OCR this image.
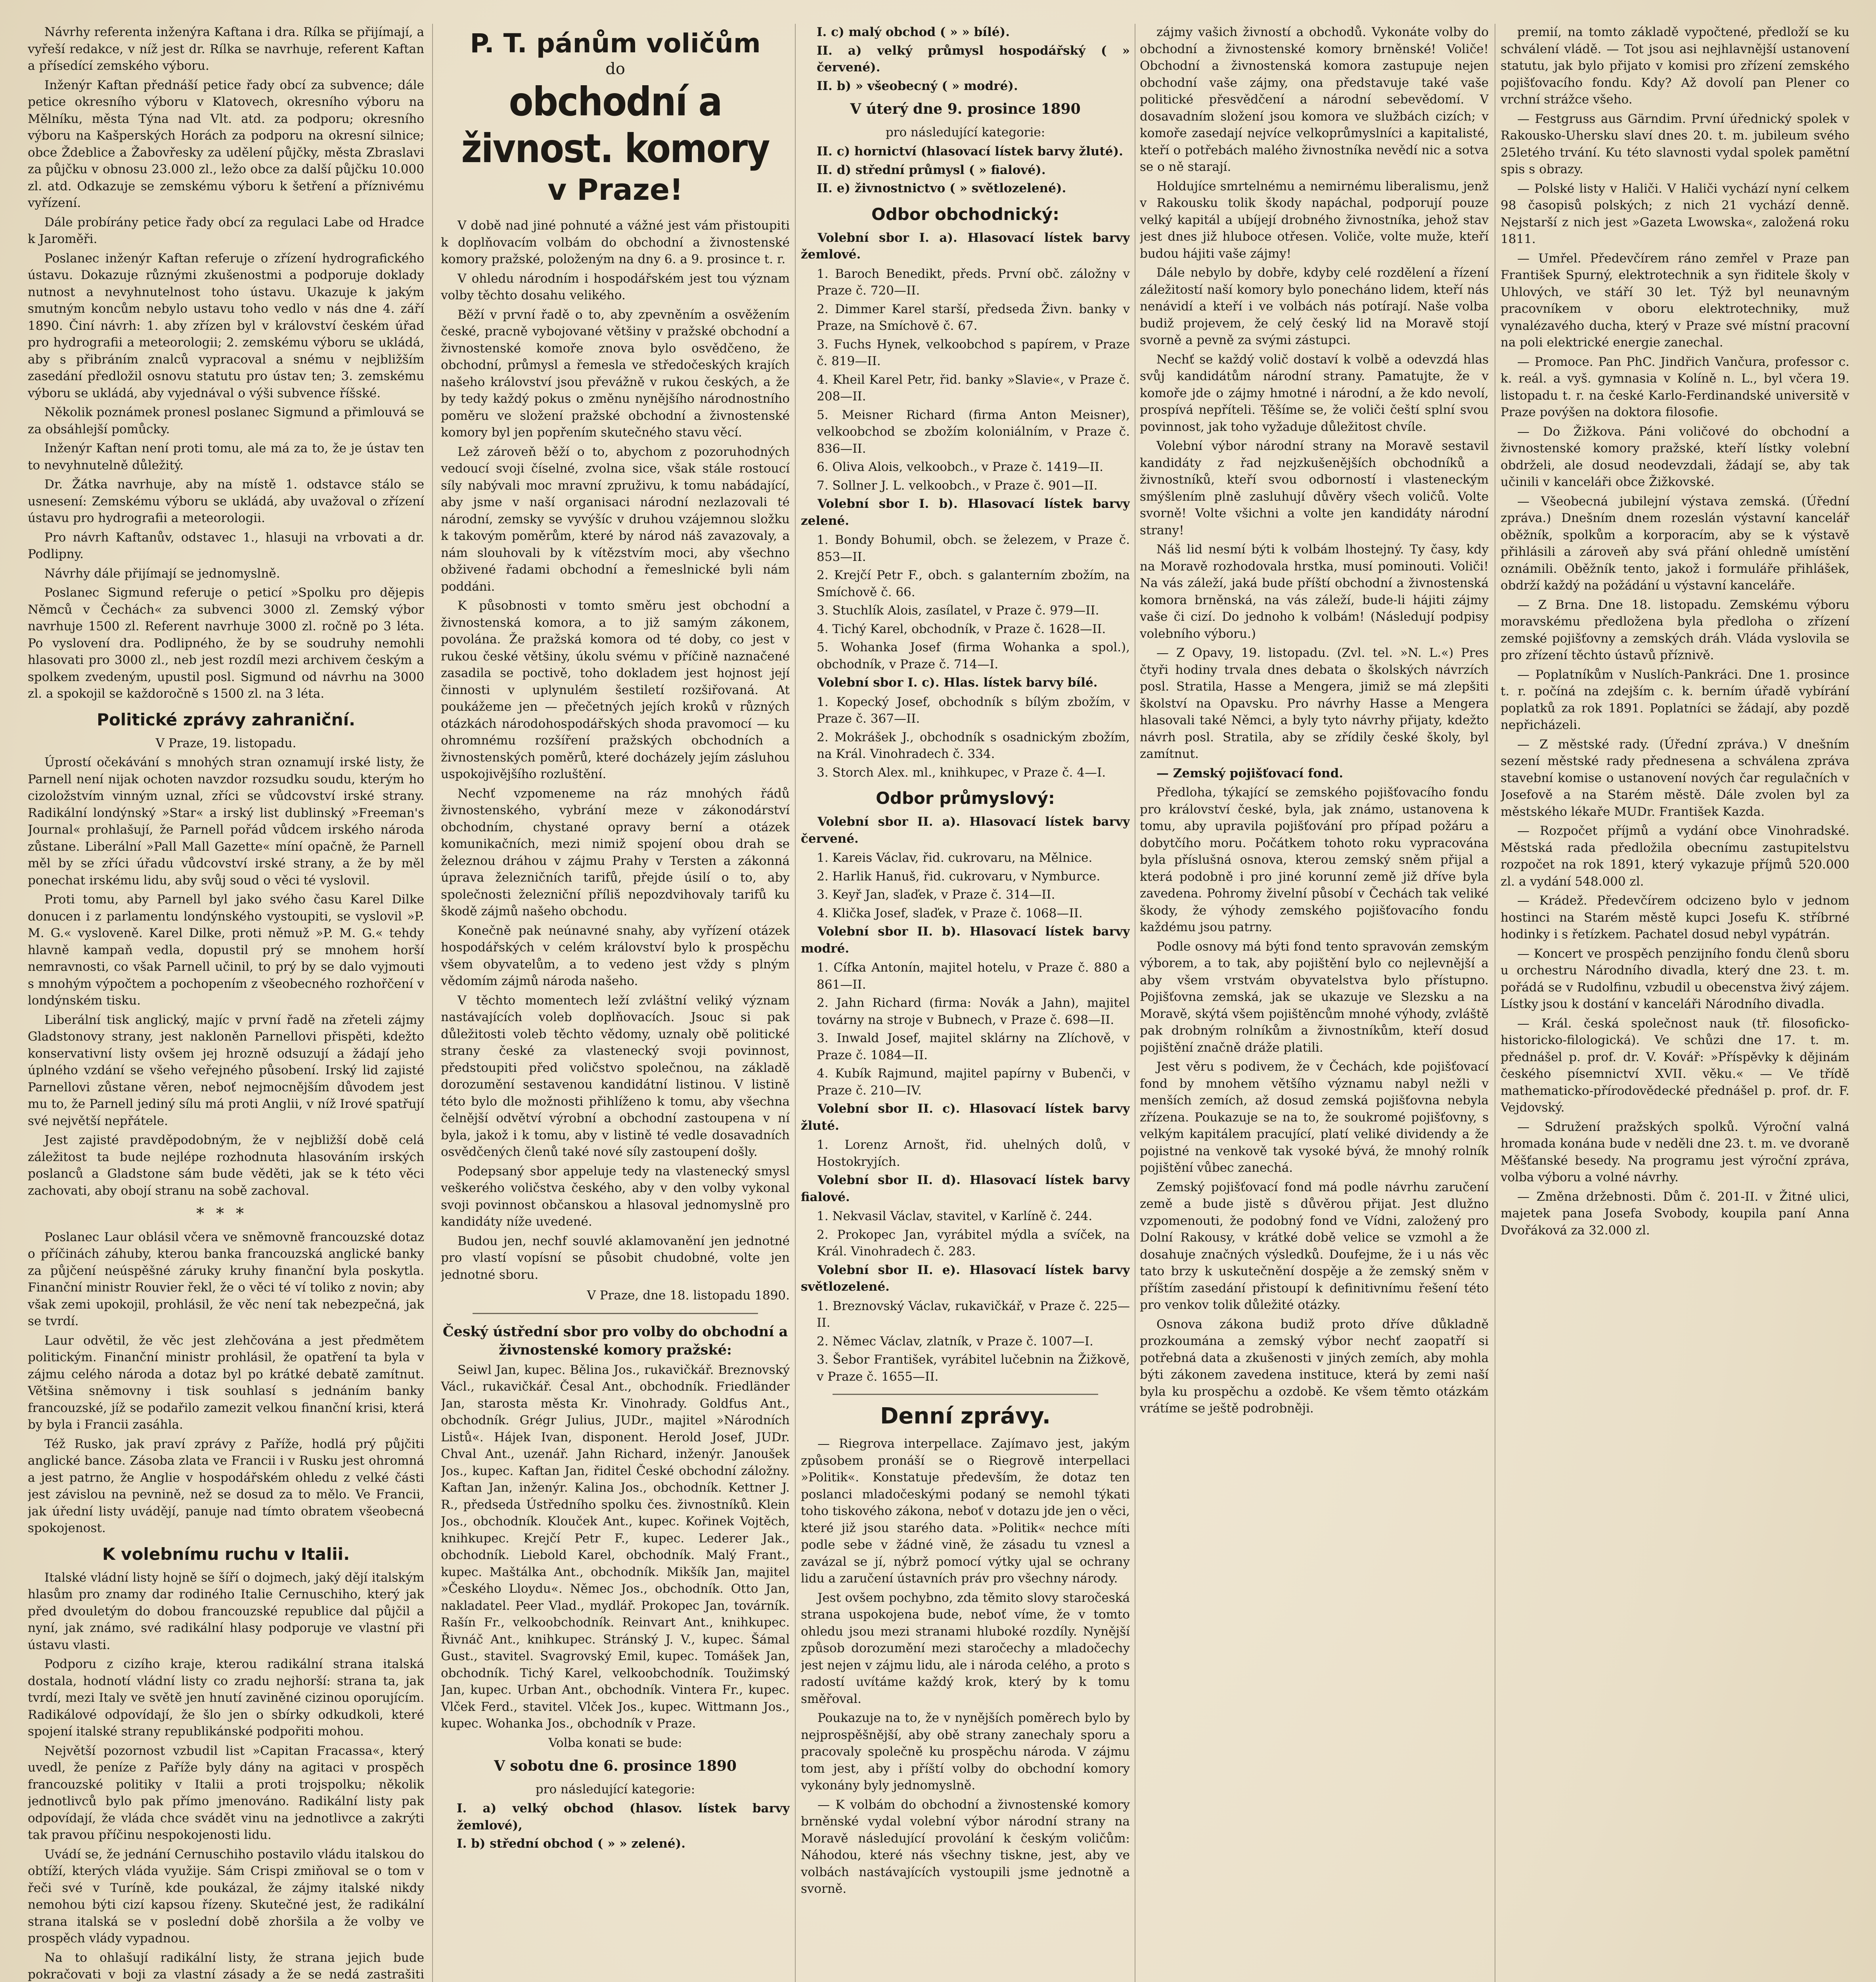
Návrhy referenta inženýra Kaftana i dra. Rílka se přijímají, a vyřeší redakce, v níž jest dr. Rílka se navrhuje, referent Kaftan a přísedící zemského výboru.

Inženýr Kaftan přednáší petice řady obcí za subvence; dále petice okresního výboru v Klatovech, okresního výboru na Mělníku, města Týna nad Vlt. atd. za podporu; okresního výboru na Kašperských Horách za podporu na okresní silnice; obce Ždeblice a Žabovřesky za udělení půjčky, města Zbraslavi za půjčku v obnosu 23.000 zl., ležo obce za další půjčku 10.000 zl. atd. Odkazuje se zemskému výboru k šetření a příznivému vyřízení.

Dále probírány petice řady obcí za regulaci Labe od Hradce k Jaroměři.

Poslanec inženýr Kaftan referuje o zřízení hydrografického ústavu. Dokazuje různými zkušenostmi a podporuje doklady nutnost a nevyhnutelnost toho ústavu. Ukazuje k jakým smutným koncům nebylo ustavu toho vedlo v nás dne 4. září 1890. Činí návrh: 1. aby zřízen byl v království českém úřad pro hydrografii a meteorologii; 2. zemskému výboru se ukládá, aby s přibráním znalců vypracoval a snému v nejbližším zasedání předložil osnovu statutu pro ústav ten; 3. zemskému výboru se ukládá, aby vyjednával o výši subvence říšské.

Několik poznámek pronesl poslanec Sigmund a přimlouvá se za obsáhlejší pomůcky.

Inženýr Kaftan není proti tomu, ale má za to, že je ústav ten to nevyhnutelně důležitý.

Dr. Žátka navrhuje, aby na místě 1. odstavce stálo se usnesení: Zemskému výboru se ukládá, aby uvažoval o zřízení ústavu pro hydrografii a meteorologii.

Pro návrh Kaftanův, odstavec 1., hlasuji na vrbovati a dr. Podlipny.

Návrhy dále přijímají se jednomyslně.

Poslanec Sigmund referuje o peticí »Spolku pro dějepis Němců v Čechách« za subvenci 3000 zl. Zemský výbor navrhuje 1500 zl. Referent navrhuje 3000 zl. ročně po 3 léta. Po vyslovení dra. Podlipného, že by se soudruhy nemohli hlasovati pro 3000 zl., neb jest rozdíl mezi archivem českým a spolkem zvedeným, upustil posl. Sigmund od návrhu na 3000 zl. a spokojil se každoročně s 1500 zl. na 3 léta.

Politické zprávy zahraniční.

V Praze, 19. listopadu.

Úprostí očekávání s mnohých stran oznamují irské listy, že Parnell není nijak ochoten navzdor rozsudku soudu, kterým ho cizoložstvím vinným uznal, zříci se vůdcovství irské strany. Radikální londýnský »Star« a irský list dublinský »Freeman's Journal« prohlašují, že Parnell pořád vůdcem irského národa zůstane. Liberální »Pall Mall Gazette« míní opačně, že Parnell měl by se zříci úřadu vůdcovství irské strany, a že by měl ponechat irskému lidu, aby svůj soud o věci té vyslovil.

Proti tomu, aby Parnell byl jako svého času Karel Dilke donucen i z parlamentu londýnského vystoupiti, se vyslovil »P. M. G.« vysloveně. Karel Dilke, proti němuž »P. M. G.« tehdy hlavně kampaň vedla, dopustil prý se mnohem horší nemravnosti, co však Parnell učinil, to prý by se dalo vyjmouti s mnohým výpočtem a pochopením z všeobecného rozhořčení v londýnském tisku.

Liberální tisk anglický, majíc v první řadě na zřeteli zájmy Gladstonovy strany, jest nakloněn Parnellovi přispěti, kdežto konservativní listy ovšem jej hrozně odsuzují a žádají jeho úplného vzdání se všeho veřejného působení. Irský lid zajisté Parnellovi zůstane věren, neboť nejmocnějším důvodem jest mu to, že Parnell jediný sílu má proti Anglii, v níž Irové spatřují své největší nepřátele.

Jest zajisté pravděpodobným, že v nejbližší době celá záležitost ta bude nejlépe rozhodnuta hlasováním irských poslanců a Gladstone sám bude věděti, jak se k této věci zachovati, aby obojí stranu na sobě zachoval.

***

Poslanec Laur oblásil včera ve sněmovně francouzské dotaz o příčinách záhuby, kterou banka francouzská anglické banky za půjčení neúspěšné záruky kruhy finanční byla poskytla. Finanční ministr Rouvier řekl, že o věci té ví toliko z novin; aby však zemi upokojil, prohlásil, že věc není tak nebezpečná, jak se tvrdí.

Laur odvětil, že věc jest zlehčována a jest předmětem politickým. Finanční ministr prohlásil, že opatření ta byla v zájmu celého národa a dotaz byl po krátké debatě zamítnut. Většina sněmovny i tisk souhlasí s jednáním banky francouzské, jíž se podařilo zamezit velkou finanční krisi, která by byla i Francii zasáhla.

Též Rusko, jak praví zprávy z Paříže, hodlá prý půjčiti anglické bance. Zásoba zlata ve Francii i v Rusku jest ohromná a jest patrno, že Anglie v hospodářském ohledu z velké části jest závislou na pevnině, než se dosud za to mělo. Ve Francii, jak úřední listy uvádějí, panuje nad tímto obratem všeobecná spokojenost.

K volebnímu ruchu v Italii.

Italské vládní listy hojně se šíří o dojmech, jaký dějí italským hlasům pro znamy dar rodiného Italie Cernuschiho, který jak před dvouletým do dobou francouzské republice dal půjčil a nyní, jak známo, své radikální hlasy podporuje ve vlastní při ústavu vlasti.

Podporu z cizího kraje, kterou radikální strana italská dostala, hodnotí vládní listy co zradu nejhorší: strana ta, jak tvrdí, mezi Italy ve světě jen hnutí zaviněné cizinou oporujícím. Radikálové odpovídají, že šlo jen o sbírky odkudkoli, které spojení italské strany republikánské podpořiti mohou.

Největší pozornost vzbudil list »Capitan Fracassa«, který uvedl, že peníze z Paříže byly dány na agitaci v prospěch francouzské politiky v Italii a proti trojspolku; několik jednotlivců bylo pak přímo jmenováno. Radikální listy pak odpovídají, že vláda chce svádět vinu na jednotlivce a zakrýti tak pravou příčinu nespokojenosti lidu.

Uvádí se, že jednání Cernuschiho postavilo vládu italskou do obtíží, kterých vláda využije. Sám Crispi zmiňoval se o tom v řeči své v Turíně, kde poukázal, že zájmy italské nikdy nemohou býti cizí kapsou řízeny. Skutečné jest, že radikální strana italská se v poslední době zhoršila a že volby ve prospěch vlády vypadnou.

Na to ohlašují radikální listy, že strana jejich bude pokračovati v boji za vlastní zásady a že se nedá zastrašiti

P. T. pánům voličům
do
obchodní a živnost. komory
v Praze!

V době nad jiné pohnuté a vážné jest vám přistoupiti k doplňovacím volbám do obchodní a živnostenské komory pražské, položeným na dny 6. a 9. prosince t. r.

V ohledu národním i hospodářském jest tou význam volby těchto dosahu velikého.

Běží v první řadě o to, aby zpevněním a osvěžením české, pracně vybojované většiny v pražské obchodní a živnostenské komoře znova bylo osvědčeno, že obchodní, průmysl a řemesla ve středočeských krajích našeho království jsou převážně v rukou českých, a že by tedy každý pokus o změnu nynějšího národnostního poměru ve složení pražské obchodní a živnostenské komory byl jen popřením skutečného stavu věcí.

Lež zároveň běží o to, abychom z pozoruhodných vedoucí svoji číselné, zvolna sice, však stále rostoucí síly nabývali moc mravní zpruživu, k tomu nabádající, aby jsme v naší organisaci národní nezlazovali té národní, zemsky se vyvýšíc v druhou vzájemnou složku k takovým poměrům, které by národ náš zavazovaly, a nám slouhovali by k vítězstvím moci, aby všechno obživené řadami obchodní a řemeslnické byli nám poddáni.

K působnosti v tomto směru jest obchodní a živnostenská komora, a to již samým zákonem, povolána. Že pražská komora od té doby, co jest v rukou české většiny, úkolu svému v příčině naznačené zasadila se poctivě, toho dokladem jest hojnost její činnosti v uplynulém šestiletí rozšiřovaná. At poukážeme jen — přečetných jejích kroků v různých otázkách národohospodářských shoda pravomocí — ku ohromnému rozšíření pražských obchodních a živnostenských poměrů, které docházely jejím zásluhou uspokojivějšího rozluštění.

Nechť vzpomeneme na ráz mnohých řádů živnostenského, vybrání meze v zákonodárství obchodním, chystané opravy berní a otázek komunikačních, mezi nimiž spojení obou drah se železnou dráhou v zájmu Prahy v Tersten a zákonná úprava železničních tarifů, přejde úsilí o to, aby společnosti železniční příliš nepozdvihovaly tarifů ku škodě zájmů našeho obchodu.

Konečně pak neúnavné snahy, aby vyřízení otázek hospodářských v celém království bylo k prospěchu všem obyvatelům, a to vedeno jest vždy s plným vědomím zájmů národa našeho.

V těchto momentech leží zvláštní veliký význam nastávajících voleb doplňovacích. Jsouc si pak důležitosti voleb těchto vědomy, uznaly obě politické strany české za vlastenecký svoji povinnost, předstoupiti před voličstvo společnou, na základě dorozumění sestavenou kandidátní listinou. V listině této bylo dle možnosti přihlíženo k tomu, aby všechna čelnější odvětví výrobní a obchodní zastoupena v ní byla, jakož i k tomu, aby v listině té vedle dosavadních osvědčených členů také nové síly zastoupení došly.

Podepsaný sbor appeluje tedy na vlastenecký smysl veškerého voličstva českého, aby v den volby vykonal svoji povinnost občanskou a hlasoval jednomyslně pro kandidáty níže uvedené.

Budou jen, nechf souvlé aklamovanění jen jednotné pro vlastí vopísní se působit chudobné, volte jen jednotné sboru.

V Praze, dne 18. listopadu 1890.

Český ústřední sbor pro volby do obchodní a živnostenské komory pražské:

Seiwl Jan, kupec. Bělina Jos., rukavičkář. Breznovský Václ., rukavičkář. Česal Ant., obchodník. Friedländer Jan, starosta města Kr. Vinohrady. Goldfus Ant., obchodník. Grégr Julius, JUDr., majitel »Národních Listů«. Hájek Ivan, disponent. Herold Josef, JUDr. Chval Ant., uzenář. Jahn Richard, inženýr. Janoušek Jos., kupec. Kaftan Jan, řiditel České obchodní záložny. Kaftan Jan, inženýr. Kalina Jos., obchodník. Kettner J. R., předseda Ústředního spolku čes. živnostníků. Klein Jos., obchodník. Klouček Ant., kupec. Kořinek Vojtěch, knihkupec. Krejčí Petr F., kupec. Lederer Jak., obchodník. Liebold Karel, obchodník. Malý Frant., kupec. Maštálka Ant., obchodník. Mikšík Jan, majitel »Českého Lloydu«. Němec Jos., obchodník. Otto Jan, nakladatel. Peer Vlad., mydlář. Prokopec Jan, továrník. Rašín Fr., velkoobchodník. Reinvart Ant., knihkupec. Řivnáč Ant., knihkupec. Stránský J. V., kupec. Šámal Gust., stavitel. Svagrovský Emil, kupec. Tomášek Jan, obchodník. Tichý Karel, velkoobchodník. Toužimský Jan, kupec. Urban Ant., obchodník. Vinterа Fr., kupec. Vlček Ferd., stavitel. Vlček Jos., kupec. Wittmann Jos., kupec. Wohanka Jos., obchodník v Praze.

Volba konati se bude:

V sobotu dne 6. prosince 1890

pro následující kategorie:

I. a) velký obchod (hlasov. lístek barvy žemlové),

I. b) střední obchod ( » » zelené).

I. c) malý obchod ( » » bílé).

II. a) velký průmysl hospodářský ( » červené).

II. b) » všeobecný ( » modré).

V úterý dne 9. prosince 1890

pro následující kategorie:

II. c) hornictví (hlasovací lístek barvy žluté).

II. d) střední průmysl ( » fialové).

II. e) živnostnictvo ( » světlozelené).

Odbor obchodnický:

Volební sbor I. a). Hlasovací lístek barvy žemlové.

1. Baroch Benedikt, předs. První obč. záložny v Praze č. 720—II.

2. Dimmer Karel starší, předseda Živn. banky v Praze, na Smíchově č. 67.

3. Fuchs Hynek, velkoobchod s papírem, v Praze č. 819—II.

4. Kheil Karel Petr, řid. banky »Slavie«, v Praze č. 208—II.

5. Meisner Richard (firma Anton Meisner), velkoobchod se zbožím koloniálním, v Praze č. 836—II.

6. Oliva Alois, velkoobch., v Praze č. 1419—II.

7. Sollner J. L. velkoobch., v Praze č. 901—II.

Volební sbor I. b). Hlasovací lístek barvy zelené.

1. Bondy Bohumil, obch. se železem, v Praze č. 853—II.

2. Krejčí Petr F., obch. s galanterním zbožím, na Smíchově č. 66.

3. Stuchlík Alois, zasílatel, v Praze č. 979—II.

4. Tichý Karel, obchodník, v Praze č. 1628—II.

5. Wohanka Josef (firma Wohanka a spol.), obchodník, v Praze č. 714—I.

Volební sbor I. c). Hlas. lístek barvy bílé.

1. Kopecký Josef, obchodník s bílým zbožím, v Praze č. 367—II.

2. Mokrášek J., obchodník s osadnickým zbožím, na Král. Vinohradech č. 334.

3. Storch Alex. ml., knihkupec, v Praze č. 4—I.

Odbor průmyslový:

Volební sbor II. a). Hlasovací lístek barvy červené.

1. Kareis Václav, řid. cukrovaru, na Mělnice.

2. Harlik Hanuš, řid. cukrovaru, v Nymburce.

3. Keyř Jan, slaďek, v Praze č. 314—II.

4. Klička Josef, slaďek, v Praze č. 1068—II.

Volební sbor II. b). Hlasovací lístek barvy modré.

1. Cífka Antonín, majitel hotelu, v Praze č. 880 a 861—II.

2. Jahn Richard (firma: Novák a Jahn), majitel továrny na stroje v Bubnech, v Praze č. 698—II.

3. Inwald Josef, majitel sklárny na Zlíchově, v Praze č. 1084—II.

4. Kubík Rajmund, majitel papírny v Bubenči, v Praze č. 210—IV.

Volební sbor II. c). Hlasovací lístek barvy žluté.

1. Lorenz Arnošt, řid. uhelných dolů, v Hostokryjích.

Volební sbor II. d). Hlasovací lístek barvy fialové.

1. Nekvasil Václav, stavitel, v Karlíně č. 244.

2. Prokopec Jan, vyrábitel mýdla a svíček, na Král. Vinohradech č. 283.

Volební sbor II. e). Hlasovací lístek barvy světlozelené.

1. Breznovský Václav, rukavičkář, v Praze č. 225—II.

2. Němec Václav, zlatník, v Praze č. 1007—I.

3. Šebor František, vyrábitel lučebnin na Žižkově, v Praze č. 1655—II.

Denní zprávy.

— Riegrova interpellace. Zajímavo jest, jakým způsobem pronáší se o Riegrově interpellaci »Politik«. Konstatuje především, že dotaz ten poslanci mladočeskými podaný se nemohl týkati toho tiskového zákona, neboť v dotazu jde jen o věci, které již jsou starého data. »Politik« nechce míti podle sebe v žádné vině, že zásadu tu vznesl a zavázal se jí, nýbrž pomocí výtky ujal se ochrany lidu a zaručení ústavních práv pro všechny národy.

Jest ovšem pochybno, zda těmito slovy staročeská strana uspokojena bude, neboť víme, že v tomto ohledu jsou mezi stranami hluboké rozdíly. Nynější způsob dorozumění mezi staročechy a mladočechy jest nejen v zájmu lidu, ale i národa celého, a proto s radostí uvítáme každý krok, který by k tomu směřoval.

Poukazuje na to, že v nynějších poměrech bylo by nejprospěšnější, aby obě strany zanechaly sporu a pracovaly společně ku prospěchu národa. V zájmu tom jest, aby i příští volby do obchodní komory vykonány byly jednomyslně.

— K volbám do obchodní a živnostenské komory brněnské vydal volební výbor národní strany na Moravě následující provolání k českým voličům: Náhodou, které nás všechny tiskne, jest, aby ve volbách nastávajících vystoupili jsme jednotně a svorně.

zájmy vašich živností a obchodů. Vykonáte volby do obchodní a živnostenské komory brněnské! Voliče! Obchodní a živnostenská komora zastupuje nejen obchodní vaše zájmy, ona představuje také vaše politické přesvědčení a národní sebevědomí. V dosavadním složení jsou komora ve službách cizích; v komoře zasedají nejvíce velkoprůmyslníci a kapitalisté, kteří o potřebách malého živnostníka nevědí nic a sotva se o ně starají.

Holdujíce smrtelnému a nemirnému liberalismu, jenž v Rakousku tolik škody napáchal, podporují pouze velký kapitál a ubíjejí drobného živnostníka, jehož stav jest dnes již hluboce otřesen. Voliče, volte muže, kteří budou hájiti vaše zájmy!

Dále nebylo by dobře, kdyby celé rozdělení a řízení záležitostí naší komory bylo ponecháno lidem, kteří nás nenávidí a kteří i ve volbách nás potírají. Naše volba budiž projevem, že celý český lid na Moravě stojí svorně a pevně za svými zástupci.

Nechť se každý volič dostaví k volbě a odevzdá hlas svůj kandidátům národní strany. Pamatujte, že v komoře jde o zájmy hmotné i národní, a že kdo nevolí, prospívá nepříteli. Těšíme se, že voliči čeští splní svou povinnost, jak toho vyžaduje důležitost chvíle.

Volební výbor národní strany na Moravě sestavil kandidáty z řad nejzkušenějších obchodníků a živnostníků, kteří svou odborností i vlasteneckým smýšlením plně zasluhují důvěry všech voličů. Volte svorně! Volte všichni a volte jen kandidáty národní strany!

Náš lid nesmí býti k volbám lhostejný. Ty časy, kdy na Moravě rozhodovala hrstka, musí pominouti. Voliči! Na vás záleží, jaká bude příští obchodní a živnostenská komora brněnská, na vás záleží, bude-li hájiti zájmy vaše či cizí. Do jednoho k volbám! (Následují podpisy volebního výboru.)

— Z Opavy, 19. listopadu. (Zvl. tel. »N. L.«) Pres čtyři hodiny trvala dnes debata o školských návrzích posl. Stratila, Hasse a Mengera, jimiž se má zlepšiti školství na Opavsku. Pro návrhy Hasse a Mengera hlasovali také Němci, a byly tyto návrhy přijaty, kdežto návrh posl. Stratila, aby se zřídily české školy, byl zamítnut.

— Zemský pojišťovací fond.

Předloha, týkající se zemského pojišťovacího fondu pro království české, byla, jak známo, ustanovena k tomu, aby upravila pojišťování pro případ požáru a dobytčího moru. Počátkem tohoto roku vypracována byla příslušná osnova, kterou zemský sněm přijal a která podobně i pro jiné korunní země již dříve byla zavedena. Pohromy živelní působí v Čechách tak veliké škody, že výhody zemského pojišťovacího fondu každému jsou patrny.

Podle osnovy má býti fond tento spravován zemským výborem, a to tak, aby pojištění bylo co nejlevnější a aby všem vrstvám obyvatelstva bylo přístupno. Pojišťovna zemská, jak se ukazuje ve Slezsku a na Moravě, skýtá všem pojištěncům mnohé výhody, zvláště pak drobným rolníkům a živnostníkům, kteří dosud pojištění značně dráže platili.

Jest věru s podivem, že v Čechách, kde pojišťovací fond by mnohem většího významu nabyl nežli v menších zemích, až dosud zemská pojišťovna nebyla zřízena. Poukazuje se na to, že soukromé pojišťovny, s velkým kapitálem pracující, platí veliké dividendy a že pojistné na venkově tak vysoké bývá, že mnohý rolník pojištění vůbec zanechá.

Zemský pojišťovací fond má podle návrhu zaručení země a bude jistě s důvěrou přijat. Jest dlužno vzpomenouti, že podobný fond ve Vídni, založený pro Dolní Rakousy, v krátké době velice se vzmohl a že dosahuje značných výsledků. Doufejme, že i u nás věc tato brzy k uskutečnění dospěje a že zemský sněm v příštím zasedání přistoupí k definitivnímu řešení této pro venkov tolik důležité otázky.

Osnova zákona budiž proto dříve důkladně prozkoumána a zemský výbor nechť zaopatří si potřebná data a zkušenosti v jiných zemích, aby mohla býti zákonem zavedena instituce, která by zemi naší byla ku prospěchu a ozdobě. Ke všem těmto otázkám vrátíme se ještě podrobněji.

premií, na tomto základě vypočtené, předloží se ku schválení vládě. — Tot jsou asi nejhlavnější ustanovení statutu, jak bylo přijato v komisi pro zřízení zemského pojišťovacího fondu. Kdy? Až dovolí pan Plener co vrchní strážce všeho.

— Festgruss aus Gärndim. První úřednický spolek v Rakousko-Uhersku slaví dnes 20. t. m. jubileum svého 25letého trvání. Ku této slavnosti vydal spolek pamětní spis s obrazy.

— Polské listy v Haliči. V Haliči vychází nyní celkem 98 časopisů polských; z nich 21 vychází denně. Nejstarší z nich jest »Gazeta Lwowska«, založená roku 1811.

— Umřel. Předevčírem ráno zemřel v Praze pan František Spurný, elektrotechnik a syn řiditele školy v Uhlových, ve stáří 30 let. Týž byl neunavným pracovníkem v oboru elektrotechniky, muž vynalézavého ducha, který v Praze své místní pracovní na poli elektrické energie zanechal.

— Promoce. Pan PhC. Jindřich Vančura, professor c. k. reál. a vyš. gymnasia v Kolíně n. L., byl včera 19. listopadu t. r. na české Karlo-Ferdinandské universitě v Praze povýšen na doktora filosofie.

— Do Žižkova. Páni voličové do obchodní a živnostenské komory pražské, kteří lístky volební obdrželi, ale dosud neodevzdali, žádají se, aby tak učinili v kanceláři obce Žižkovské.

— Všeobecná jubilejní výstava zemská. (Úřední zpráva.) Dnešním dnem rozeslán výstavní kancelář oběžník, spolkům a korporacím, aby se k výstavě přihlásili a zároveň aby svá přání ohledně umístění oznámili. Oběžník tento, jakož i formuláře přihlášek, obdrží každý na požádání u výstavní kanceláře.

— Z Brna. Dne 18. listopadu. Zemskému výboru moravskému předložena byla předloha o zřízení zemské pojišťovny a zemských dráh. Vláda vyslovila se pro zřízení těchto ústavů příznivě.

— Poplatníkům v Nuslích-Pankráci. Dne 1. prosince t. r. počíná na zdejším c. k. berním úřadě vybírání poplatků za rok 1891. Poplatníci se žádají, aby pozdě nepřicházeli.

— Z městské rady. (Úřední zpráva.) V dnešním sezení městské rady přednesena a schválena zpráva stavební komise o ustanovení nových čar regulačních v Josefově a na Starém městě. Dále zvolen byl za městského lékaře MUDr. František Kazda.

— Rozpočet příjmů a vydání obce Vinohradské. Městská rada předložila obecnímu zastupitelstvu rozpočet na rok 1891, který vykazuje příjmů 520.000 zl. a vydání 548.000 zl.

— Krádež. Předevčírem odcizeno bylo v jednom hostinci na Starém městě kupci Josefu K. stříbrné hodinky i s řetízkem. Pachatel dosud nebyl vypátrán.

— Koncert ve prospěch penzijního fondu členů sboru u orchestru Národního divadla, který dne 23. t. m. pořádá se v Rudolfinu, vzbudil u obecenstva živý zájem. Lístky jsou k dostání v kanceláři Národního divadla.

— Král. česká společnost nauk (tř. filosoficko-historicko-filologická). Ve schůzi dne 17. t. m. přednášel p. prof. dr. V. Kovář: »Příspěvky k dějinám českého písemnictví XVII. věku.« — Ve třídě mathematicko-přírodovědecké přednášel p. prof. dr. F. Vejdovský.

— Sdružení pražských spolků. Výroční valná hromada konána bude v neděli dne 23. t. m. ve dvoraně Měšťanské besedy. Na programu jest výroční zpráva, volba výboru a volné návrhy.

— Změna držebnosti. Dům č. 201-II. v Žitné ulici, majetek pana Josefa Svobody, koupila paní Anna Dvořáková za 32.000 zl.
